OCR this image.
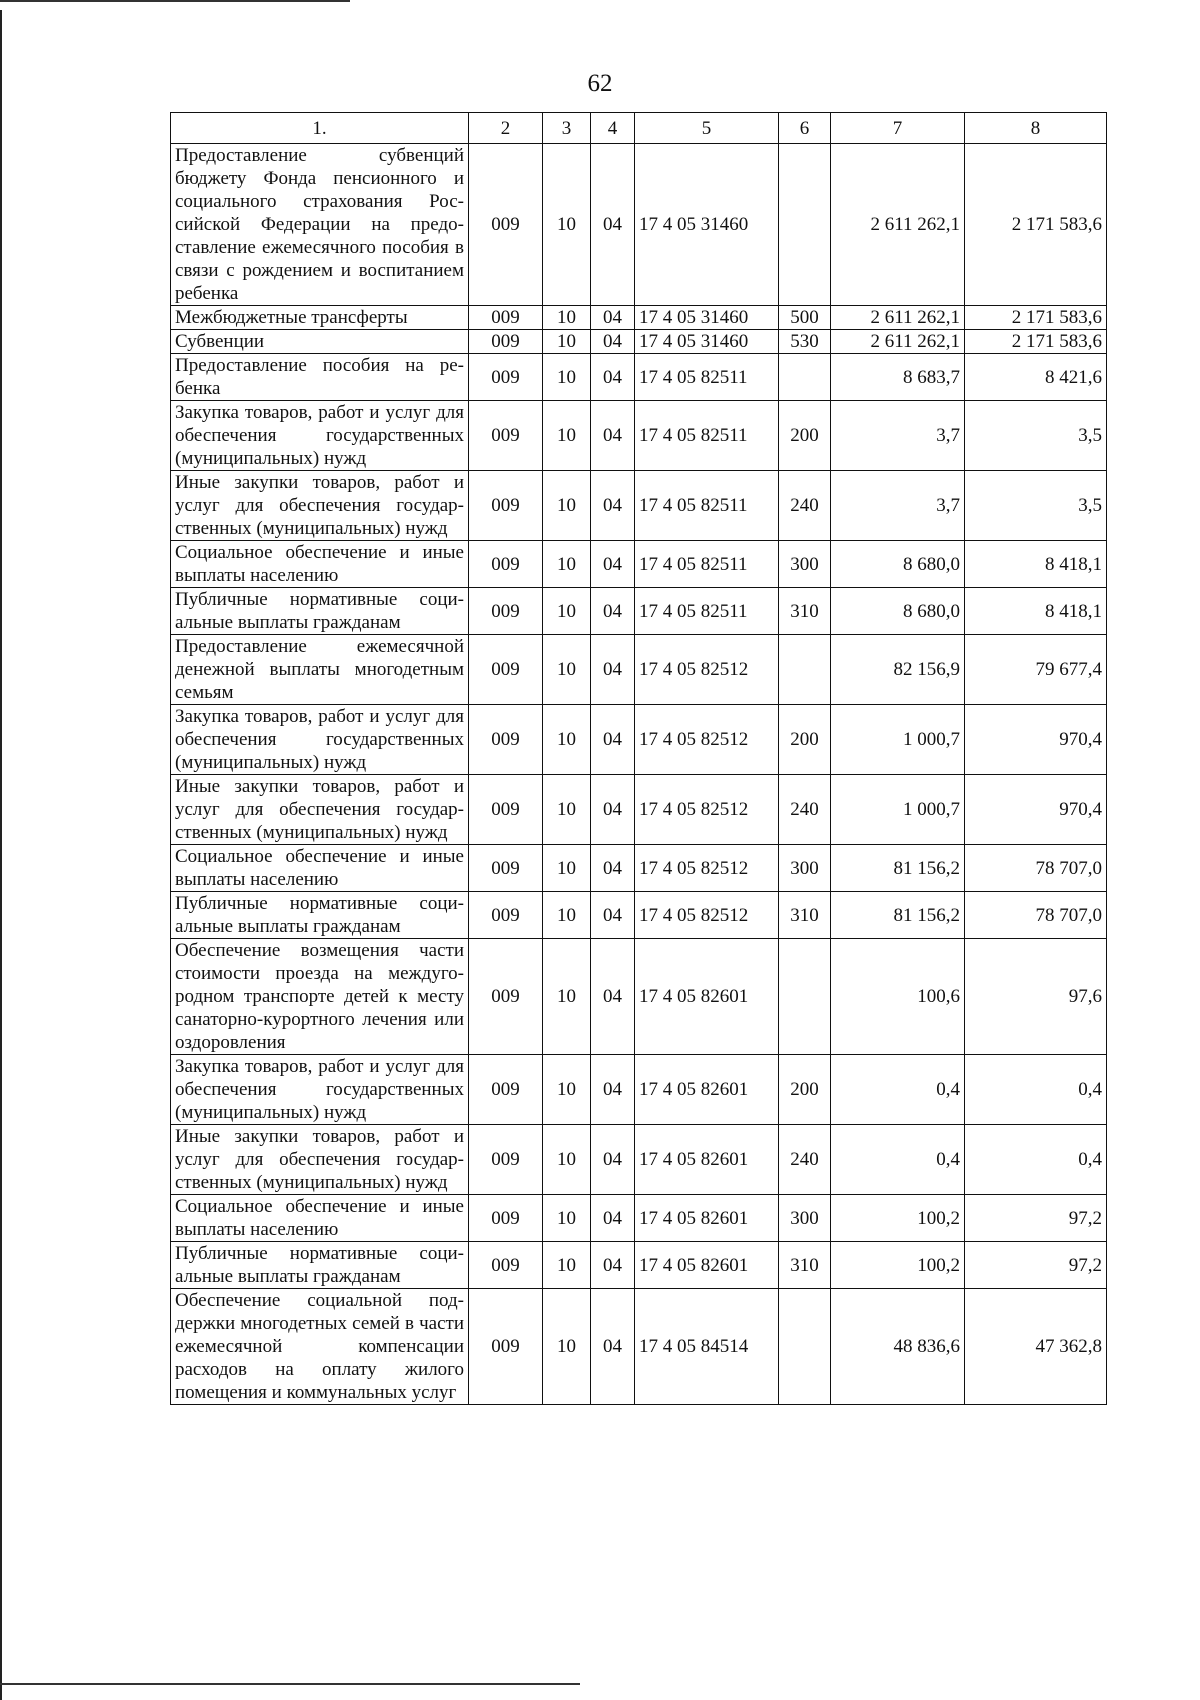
62
1.	2	3	4	5	6	7	8
Предоставление субвенций бюджету Фонда пенсионного и социального страхования Российской Федерации на предоставление ежемесячного пособия в связи с рождением и воспитанием ребенка	009	10	04	17 4 05 31460		2 611 262,1	2 171 583,6
Межбюджетные трансферты	009	10	04	17 4 05 31460	500	2 611 262,1	2 171 583,6
Субвенции	009	10	04	17 4 05 31460	530	2 611 262,1	2 171 583,6
Предоставление пособия на ребенка	009	10	04	17 4 05 82511		8 683,7	8 421,6
Закупка товаров, работ и услуг для обеспечения государственных (муниципальных) нужд	009	10	04	17 4 05 82511	200	3,7	3,5
Иные закупки товаров, работ и услуг для обеспечения государственных (муниципальных) нужд	009	10	04	17 4 05 82511	240	3,7	3,5
Социальное обеспечение и иные выплаты населению	009	10	04	17 4 05 82511	300	8 680,0	8 418,1
Публичные нормативные социальные выплаты гражданам	009	10	04	17 4 05 82511	310	8 680,0	8 418,1
Предоставление ежемесячной денежной выплаты многодетным семьям	009	10	04	17 4 05 82512		82 156,9	79 677,4
Закупка товаров, работ и услуг для обеспечения государственных (муниципальных) нужд	009	10	04	17 4 05 82512	200	1 000,7	970,4
Иные закупки товаров, работ и услуг для обеспечения государственных (муниципальных) нужд	009	10	04	17 4 05 82512	240	1 000,7	970,4
Социальное обеспечение и иные выплаты населению	009	10	04	17 4 05 82512	300	81 156,2	78 707,0
Публичные нормативные социальные выплаты гражданам	009	10	04	17 4 05 82512	310	81 156,2	78 707,0
Обеспечение возмещения части стоимости проезда на междугородном транспорте детей к месту санаторно-курортного лечения или оздоровления	009	10	04	17 4 05 82601		100,6	97,6
Закупка товаров, работ и услуг для обеспечения государственных (муниципальных) нужд	009	10	04	17 4 05 82601	200	0,4	0,4
Иные закупки товаров, работ и услуг для обеспечения государственных (муниципальных) нужд	009	10	04	17 4 05 82601	240	0,4	0,4
Социальное обеспечение и иные выплаты населению	009	10	04	17 4 05 82601	300	100,2	97,2
Публичные нормативные социальные выплаты гражданам	009	10	04	17 4 05 82601	310	100,2	97,2
Обеспечение социальной поддержки многодетных семей в части ежемесячной компенсации расходов на оплату жилого помещения и коммунальных услуг	009	10	04	17 4 05 84514		48 836,6	47 362,8
